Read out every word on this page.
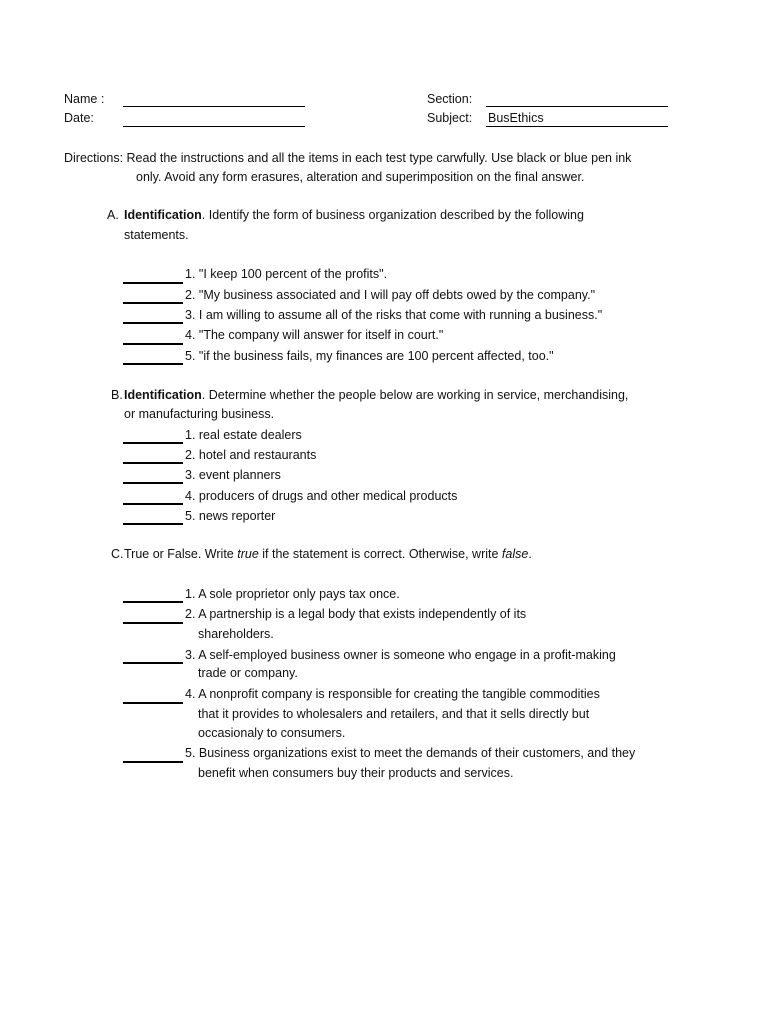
Name :
Date:
Section:
Subject: BusEthics
Directions: Read the instructions and all the items in each test type carwfully. Use black or blue pen ink
only. Avoid any form erasures, alteration and superimposition on the final answer.
A. Identification. Identify the form of business organization described by the following
statements.
1. "I keep 100 percent of the profits".
2. "My business associated and I will pay off debts owed by the company."
3. I am willing to assume all of the risks that come with running a business."
4. "The company will answer for itself in court."
5. "if the business fails, my finances are 100 percent affected, too."
B. Identification. Determine whether the people below are working in service, merchandising,
or manufacturing business.
1. real estate dealers
2. hotel and restaurants
3. event planners
4. producers of drugs and other medical products
5. news reporter
C. True or False. Write true if the statement is correct. Otherwise, write false.
1. A sole proprietor only pays tax once.
2. A partnership is a legal body that exists independently of its
shareholders.
3. A self-employed business owner is someone who engage in a profit-making
trade or company.
4. A nonprofit company is responsible for creating the tangible commodities
that it provides to wholesalers and retailers, and that it sells directly but
occasionaly to consumers.
5. Business organizations exist to meet the demands of their customers, and they
benefit when consumers buy their products and services.
